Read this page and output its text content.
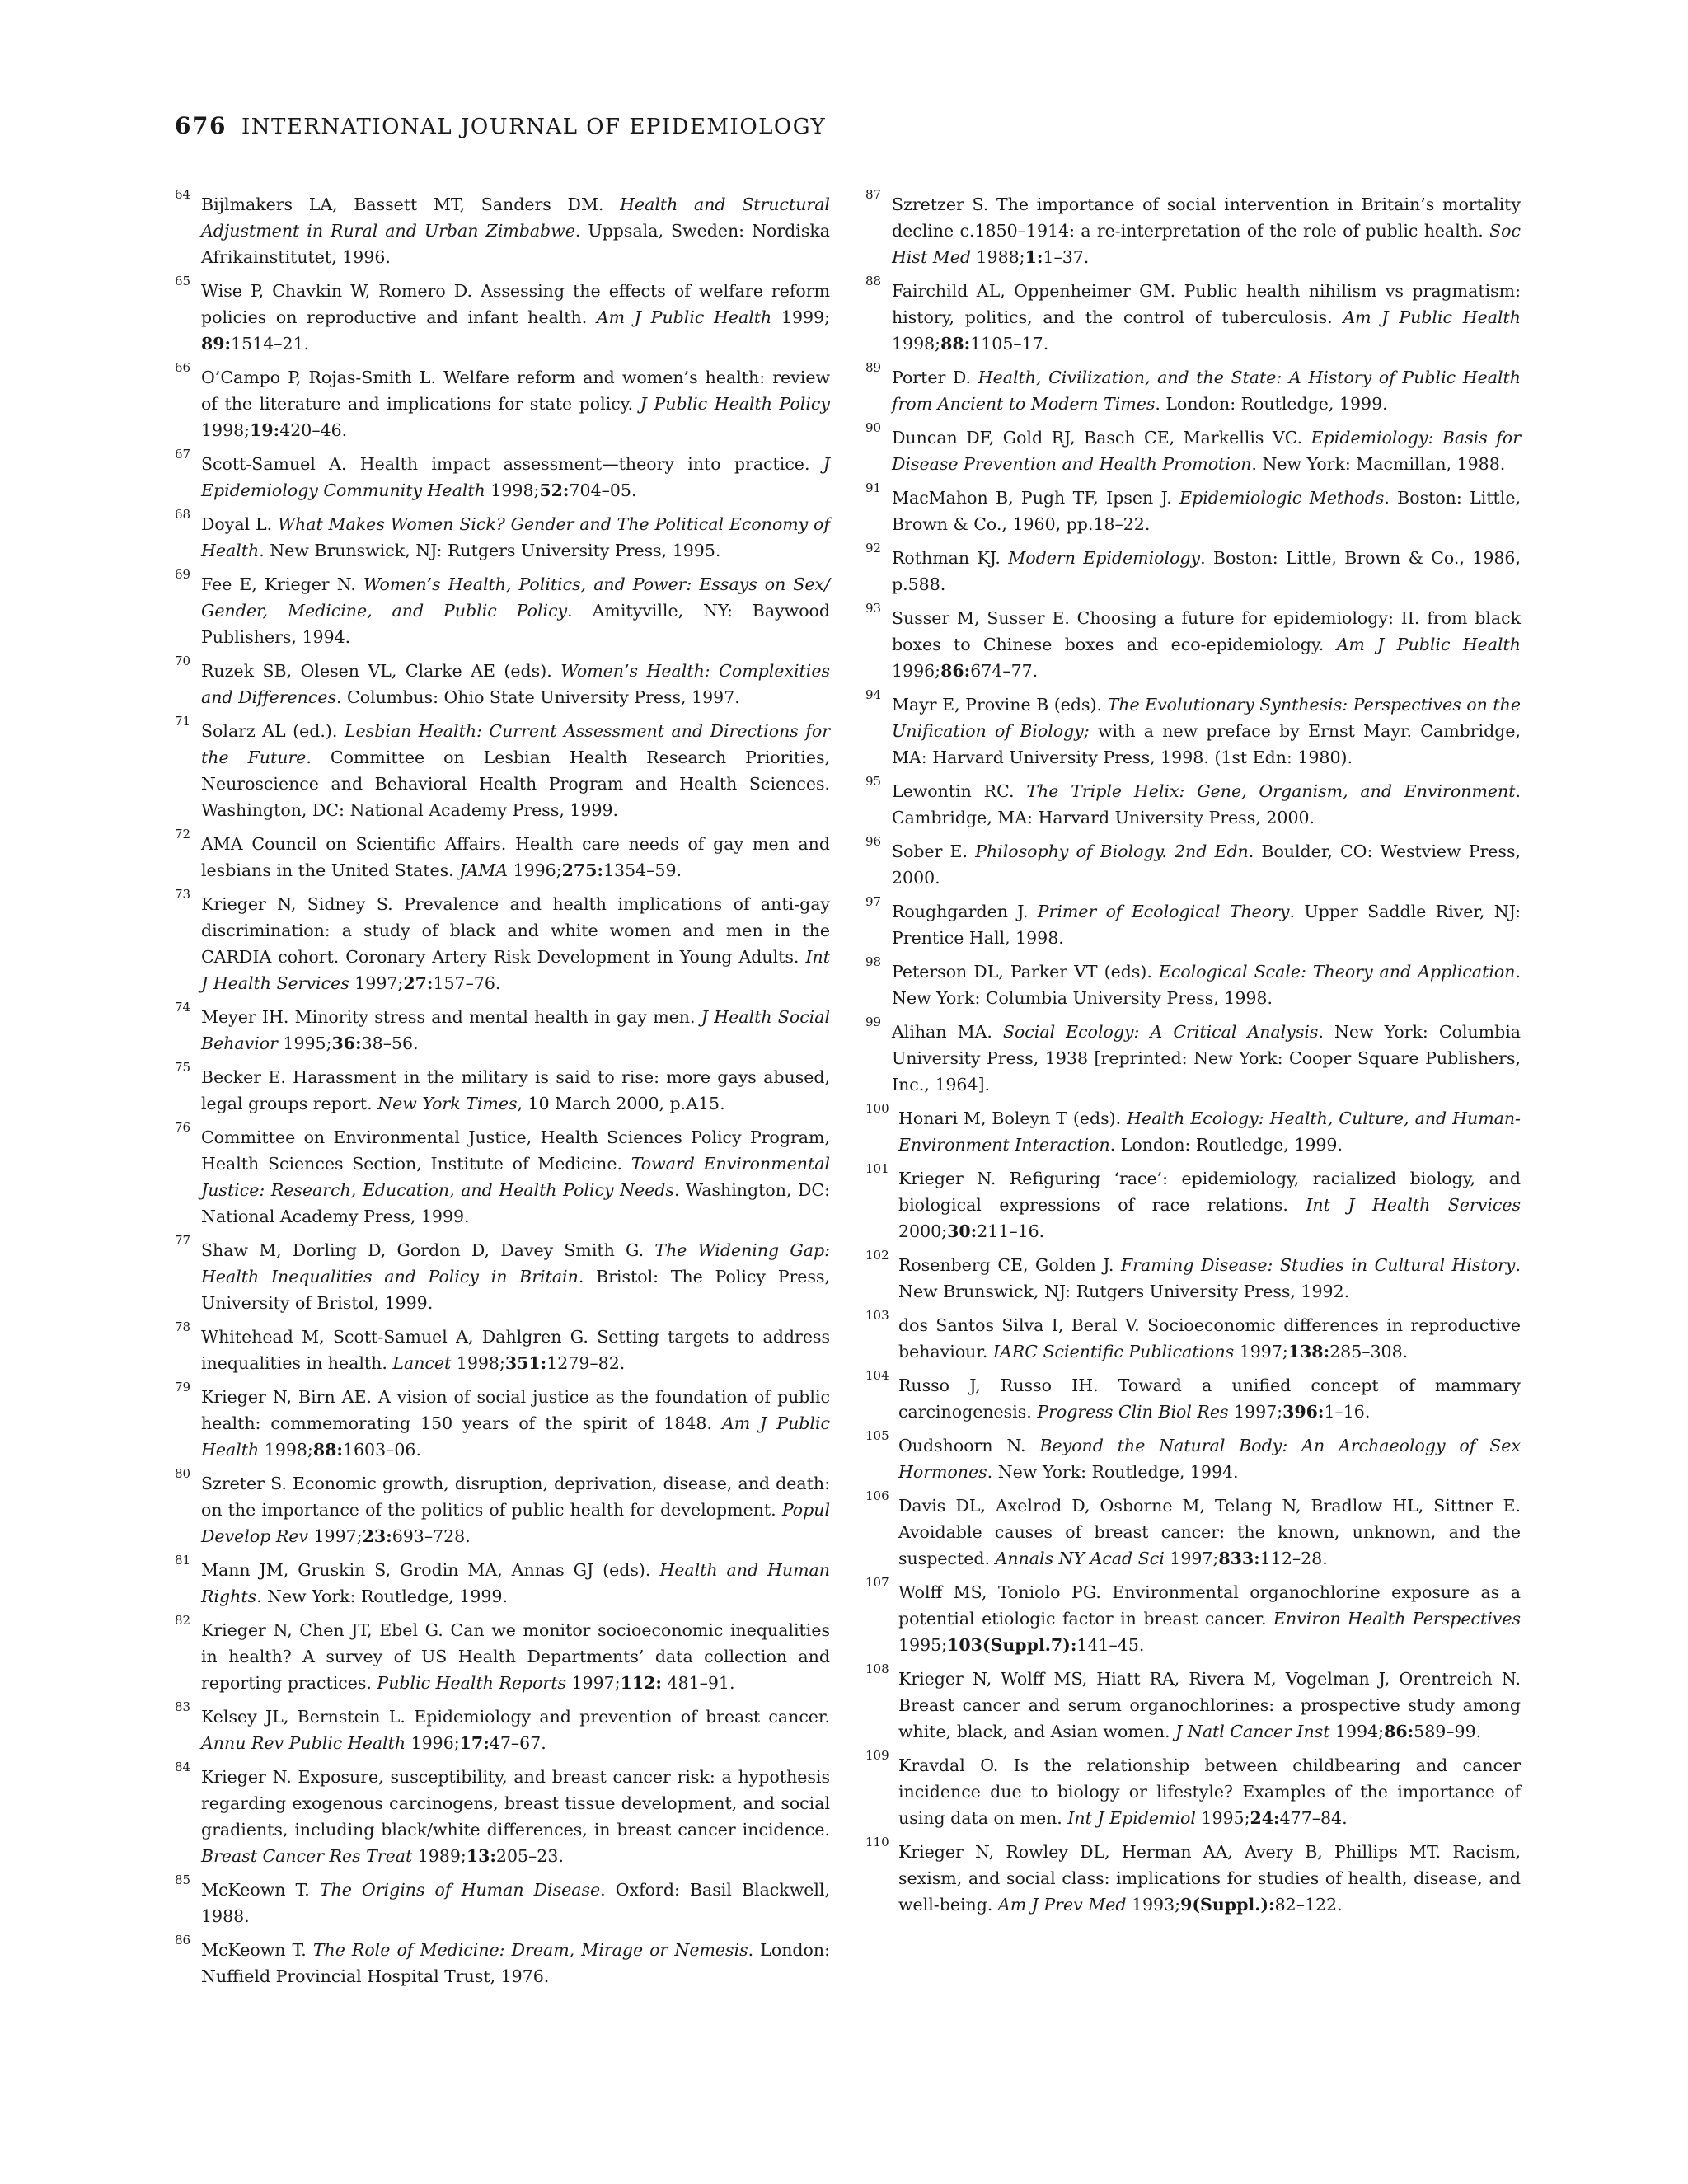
676 INTERNATIONAL JOURNAL OF EPIDEMIOLOGY
64 Bijlmakers LA, Bassett MT, Sanders DM. Health and Structural Adjustment in Rural and Urban Zimbabwe. Uppsala, Sweden: Nordiska Afrikainstitutet, 1996.
65 Wise P, Chavkin W, Romero D. Assessing the effects of welfare reform policies on reproductive and infant health. Am J Public Health 1999; 89:1514–21.
66 O’Campo P, Rojas-Smith L. Welfare reform and women’s health: review of the literature and implications for state policy. J Public Health Policy 1998;19:420–46.
67 Scott-Samuel A. Health impact assessment—theory into practice. J Epidemiology Community Health 1998;52:704–05.
68 Doyal L. What Makes Women Sick? Gender and The Political Economy of Health. New Brunswick, NJ: Rutgers University Press, 1995.
69 Fee E, Krieger N. Women’s Health, Politics, and Power: Essays on Sex/ Gender, Medicine, and Public Policy. Amityville, NY: Baywood Publishers, 1994.
70 Ruzek SB, Olesen VL, Clarke AE (eds). Women’s Health: Complexities and Differences. Columbus: Ohio State University Press, 1997.
71 Solarz AL (ed.). Lesbian Health: Current Assessment and Directions for the Future. Committee on Lesbian Health Research Priorities, Neuroscience and Behavioral Health Program and Health Sciences. Washington, DC: National Academy Press, 1999.
72 AMA Council on Scientific Affairs. Health care needs of gay men and lesbians in the United States. JAMA 1996;275:1354–59.
73 Krieger N, Sidney S. Prevalence and health implications of anti-gay discrimination: a study of black and white women and men in the CARDIA cohort. Coronary Artery Risk Development in Young Adults. Int J Health Services 1997;27:157–76.
74 Meyer IH. Minority stress and mental health in gay men. J Health Social Behavior 1995;36:38–56.
75 Becker E. Harassment in the military is said to rise: more gays abused, legal groups report. New York Times, 10 March 2000, p.A15.
76 Committee on Environmental Justice, Health Sciences Policy Program, Health Sciences Section, Institute of Medicine. Toward Environmental Justice: Research, Education, and Health Policy Needs. Washington, DC: National Academy Press, 1999.
77 Shaw M, Dorling D, Gordon D, Davey Smith G. The Widening Gap: Health Inequalities and Policy in Britain. Bristol: The Policy Press, University of Bristol, 1999.
78 Whitehead M, Scott-Samuel A, Dahlgren G. Setting targets to address inequalities in health. Lancet 1998;351:1279–82.
79 Krieger N, Birn AE. A vision of social justice as the foundation of public health: commemorating 150 years of the spirit of 1848. Am J Public Health 1998;88:1603–06.
80 Szreter S. Economic growth, disruption, deprivation, disease, and death: on the importance of the politics of public health for development. Popul Develop Rev 1997;23:693–728.
81 Mann JM, Gruskin S, Grodin MA, Annas GJ (eds). Health and Human Rights. New York: Routledge, 1999.
82 Krieger N, Chen JT, Ebel G. Can we monitor socioeconomic inequalities in health? A survey of US Health Departments’ data collection and reporting practices. Public Health Reports 1997;112: 481–91.
83 Kelsey JL, Bernstein L. Epidemiology and prevention of breast cancer. Annu Rev Public Health 1996;17:47–67.
84 Krieger N. Exposure, susceptibility, and breast cancer risk: a hypothesis regarding exogenous carcinogens, breast tissue development, and social gradients, including black/white differences, in breast cancer incidence. Breast Cancer Res Treat 1989;13:205–23.
85 McKeown T. The Origins of Human Disease. Oxford: Basil Blackwell, 1988.
86 McKeown T. The Role of Medicine: Dream, Mirage or Nemesis. London: Nuffield Provincial Hospital Trust, 1976.
87 Szretzer S. The importance of social intervention in Britain’s mortality decline c.1850–1914: a re-interpretation of the role of public health. Soc Hist Med 1988;1:1–37.
88 Fairchild AL, Oppenheimer GM. Public health nihilism vs pragmatism: history, politics, and the control of tuberculosis. Am J Public Health 1998;88:1105–17.
89 Porter D. Health, Civilization, and the State: A History of Public Health from Ancient to Modern Times. London: Routledge, 1999.
90 Duncan DF, Gold RJ, Basch CE, Markellis VC. Epidemiology: Basis for Disease Prevention and Health Promotion. New York: Macmillan, 1988.
91 MacMahon B, Pugh TF, Ipsen J. Epidemiologic Methods. Boston: Little, Brown & Co., 1960, pp.18–22.
92 Rothman KJ. Modern Epidemiology. Boston: Little, Brown & Co., 1986, p.588.
93 Susser M, Susser E. Choosing a future for epidemiology: II. from black boxes to Chinese boxes and eco-epidemiology. Am J Public Health 1996;86:674–77.
94 Mayr E, Provine B (eds). The Evolutionary Synthesis: Perspectives on the Unification of Biology; with a new preface by Ernst Mayr. Cambridge, MA: Harvard University Press, 1998. (1st Edn: 1980).
95 Lewontin RC. The Triple Helix: Gene, Organism, and Environment. Cambridge, MA: Harvard University Press, 2000.
96 Sober E. Philosophy of Biology. 2nd Edn. Boulder, CO: Westview Press, 2000.
97 Roughgarden J. Primer of Ecological Theory. Upper Saddle River, NJ: Prentice Hall, 1998.
98 Peterson DL, Parker VT (eds). Ecological Scale: Theory and Application. New York: Columbia University Press, 1998.
99 Alihan MA. Social Ecology: A Critical Analysis. New York: Columbia University Press, 1938 [reprinted: New York: Cooper Square Publishers, Inc., 1964].
100 Honari M, Boleyn T (eds). Health Ecology: Health, Culture, and Human-Environment Interaction. London: Routledge, 1999.
101 Krieger N. Refiguring ‘race’: epidemiology, racialized biology, and biological expressions of race relations. Int J Health Services 2000;30:211–16.
102 Rosenberg CE, Golden J. Framing Disease: Studies in Cultural History. New Brunswick, NJ: Rutgers University Press, 1992.
103 dos Santos Silva I, Beral V. Socioeconomic differences in reproductive behaviour. IARC Scientific Publications 1997;138:285–308.
104 Russo J, Russo IH. Toward a unified concept of mammary carcinogenesis. Progress Clin Biol Res 1997;396:1–16.
105 Oudshoorn N. Beyond the Natural Body: An Archaeology of Sex Hormones. New York: Routledge, 1994.
106 Davis DL, Axelrod D, Osborne M, Telang N, Bradlow HL, Sittner E. Avoidable causes of breast cancer: the known, unknown, and the suspected. Annals NY Acad Sci 1997;833:112–28.
107 Wolff MS, Toniolo PG. Environmental organochlorine exposure as a potential etiologic factor in breast cancer. Environ Health Perspectives 1995;103(Suppl.7):141–45.
108 Krieger N, Wolff MS, Hiatt RA, Rivera M, Vogelman J, Orentreich N. Breast cancer and serum organochlorines: a prospective study among white, black, and Asian women. J Natl Cancer Inst 1994;86:589–99.
109 Kravdal O. Is the relationship between childbearing and cancer incidence due to biology or lifestyle? Examples of the importance of using data on men. Int J Epidemiol 1995;24:477–84.
110 Krieger N, Rowley DL, Herman AA, Avery B, Phillips MT. Racism, sexism, and social class: implications for studies of health, disease, and well-being. Am J Prev Med 1993;9(Suppl.):82–122.
